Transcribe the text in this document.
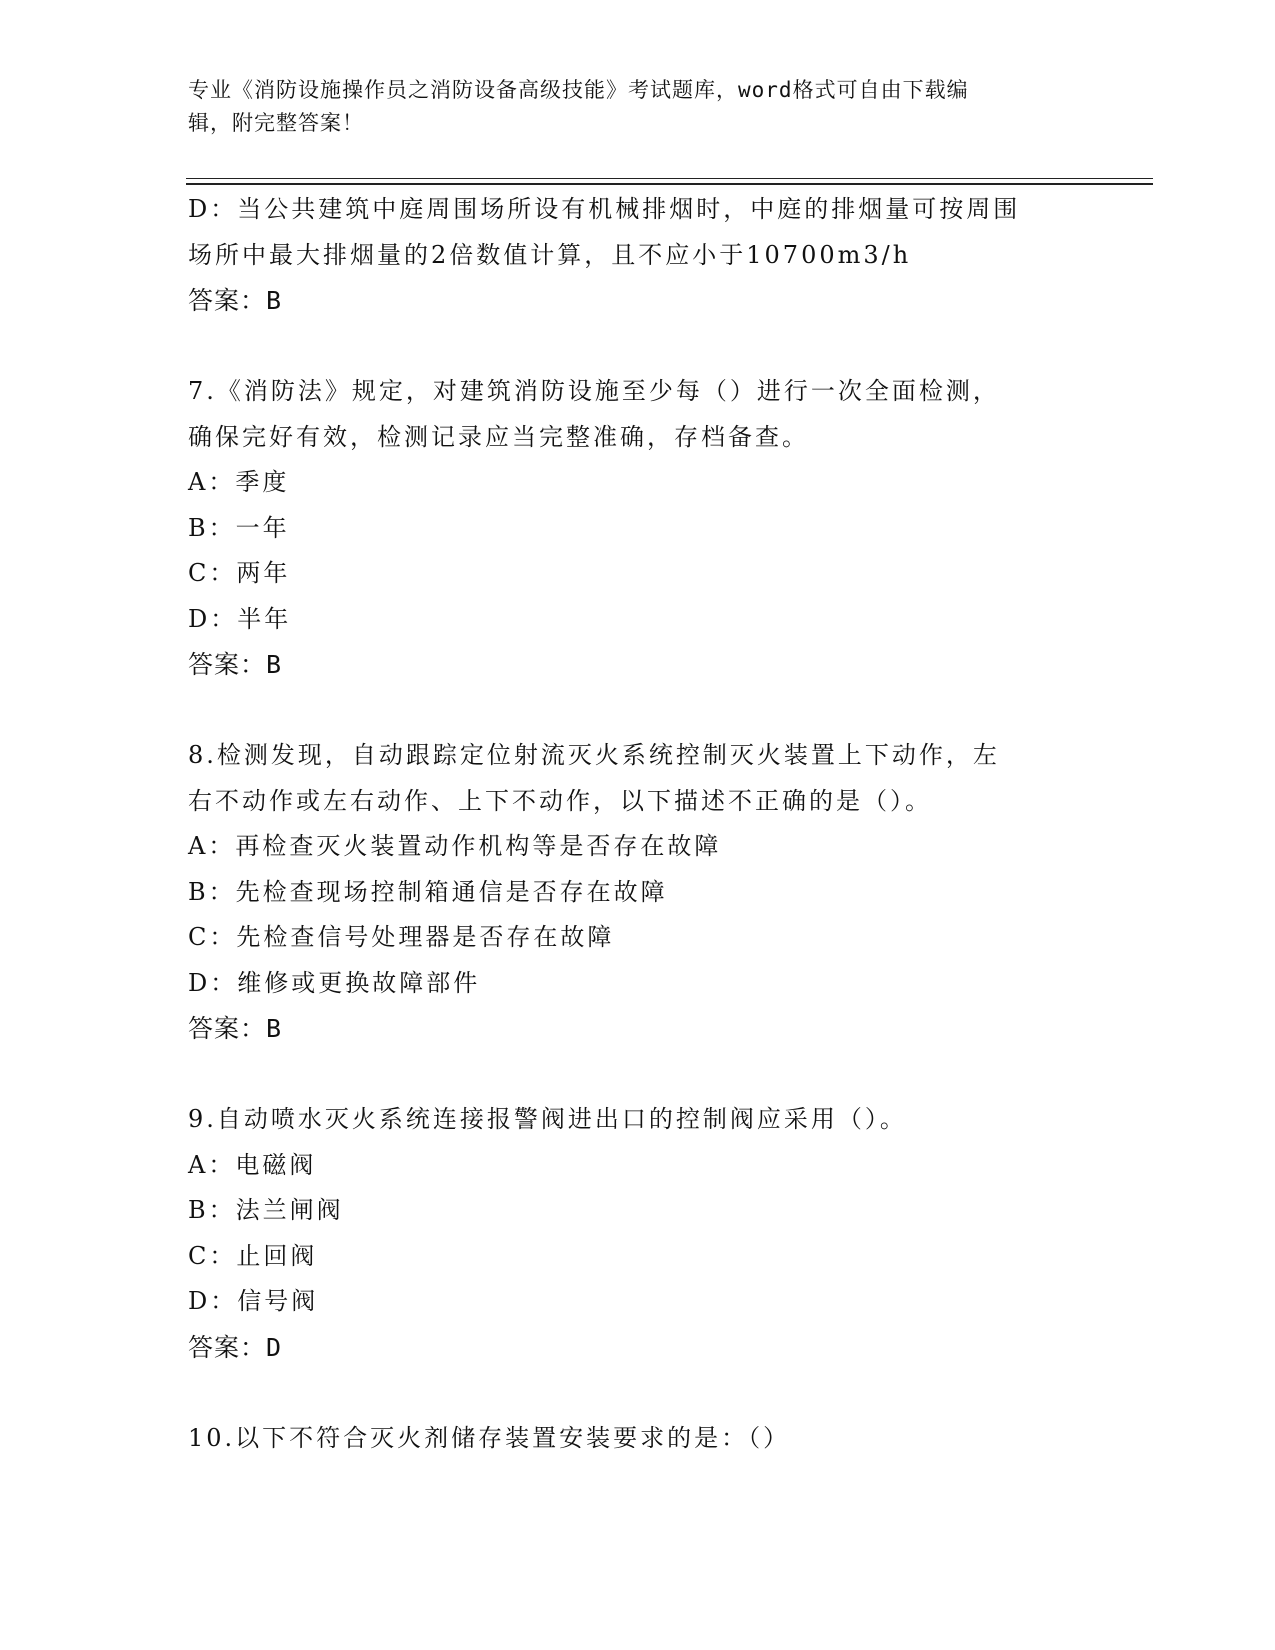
专业《消防设施操作员之消防设备高级技能》考试题库，word格式可自由下载编

辑，附完整答案！

D：当公共建筑中庭周围场所设有机械排烟时，中庭的排烟量可按周围

场所中最大排烟量的2倍数值计算，且不应小于10700m3/h

答案：B

7.《消防法》规定，对建筑消防设施至少每（）进行一次全面检测，

确保完好有效，检测记录应当完整准确，存档备查。

A：季度

B：一年

C：两年

D：半年

答案：B

8.检测发现，自动跟踪定位射流灭火系统控制灭火装置上下动作，左

右不动作或左右动作、上下不动作，以下描述不正确的是（）。

A：再检查灭火装置动作机构等是否存在故障

B：先检查现场控制箱通信是否存在故障

C：先检查信号处理器是否存在故障

D：维修或更换故障部件

答案：B

9.自动喷水灭火系统连接报警阀进出口的控制阀应采用（）。

A：电磁阀

B：法兰闸阀

C：止回阀

D：信号阀

答案：D

10.以下不符合灭火剂储存装置安装要求的是：（）
